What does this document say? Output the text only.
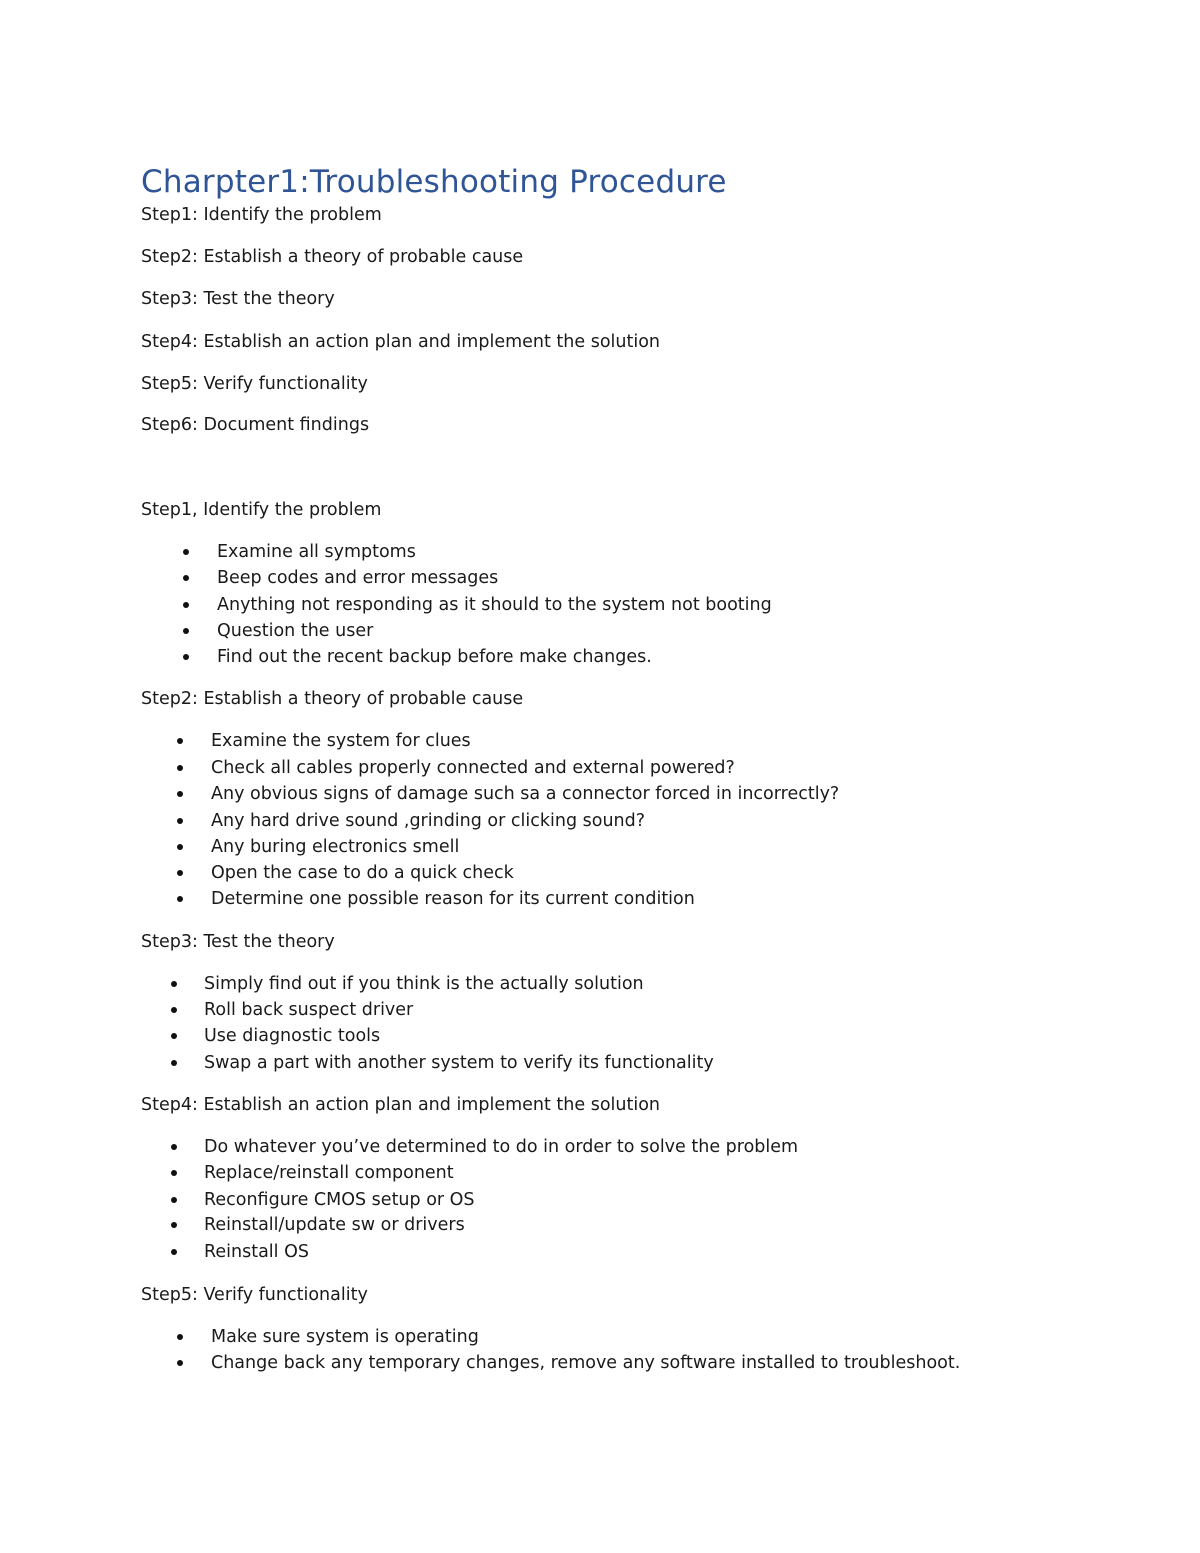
Charpter1:Troubleshooting Procedure
Step1: Identify the problem
Step2: Establish a theory of probable cause
Step3: Test the theory
Step4: Establish an action plan and implement the solution
Step5: Verify functionality
Step6: Document findings
Step1, Identify the problem
Examine all symptoms
Beep codes and error messages
Anything not responding as it should to the system not booting
Question the user
Find out the recent backup before make changes.
Step2: Establish a theory of probable cause
Examine the system for clues
Check all cables properly connected and external powered?
Any obvious signs of damage such sa a connector forced in incorrectly?
Any hard drive sound ,grinding or clicking sound?
Any buring electronics smell
Open the case to do a quick check
Determine one possible reason for its current condition
Step3: Test the theory
Simply find out if you think is the actually solution
Roll back suspect driver
Use diagnostic tools
Swap a part with another system to verify its functionality
Step4: Establish an action plan and implement the solution
Do whatever you’ve determined to do in order to solve the problem
Replace/reinstall component
Reconfigure CMOS setup or OS
Reinstall/update sw or drivers
Reinstall OS
Step5: Verify functionality
Make sure system is operating
Change back any temporary changes, remove any software installed to troubleshoot.
